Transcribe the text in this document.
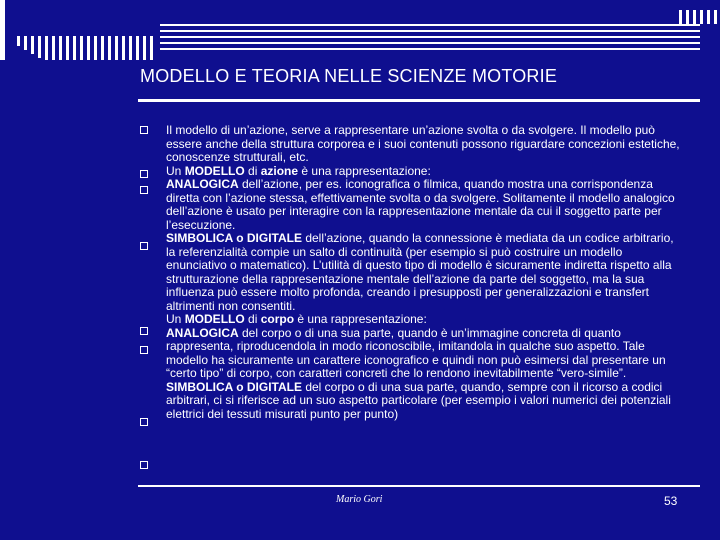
MODELLO E TEORIA NELLE SCIENZE MOTORIE

Il modello di un’azione, serve a rappresentare un’azione svolta o da svolgere. Il modello può essere anche della struttura corporea e i suoi contenuti possono riguardare concezioni estetiche, conoscenze strutturali, etc.

Un MODELLO di azione è una rappresentazione:

ANALOGICA dell’azione, per es. iconografica o filmica, quando mostra una corrispondenza diretta con l’azione stessa, effettivamente svolta o da svolgere. Solitamente il modello analogico dell’azione è usato per interagire con la rappresentazione mentale da cui il soggetto parte per l’esecuzione.

SIMBOLICA o DIGITALE dell’azione, quando la connessione è mediata da un codice arbitrario, la referenzialità compie un salto di continuità (per esempio si può costruire un modello enunciativo o matematico). L’utilità di questo tipo di modello è sicuramente indiretta rispetto alla strutturazione della rappresentazione mentale dell’azione da parte del soggetto, ma la sua influenza può essere molto profonda, creando i presupposti per generalizzazioni e transfert altrimenti non consentiti.

Un MODELLO di corpo è una rappresentazione:

ANALOGICA del corpo o di una sua parte, quando è un’immagine concreta di quanto rappresenta, riproducendola in modo riconoscibile, imitandola in qualche suo aspetto. Tale modello ha sicuramente un carattere iconografico e quindi non può esimersi dal presentare un “certo tipo” di corpo, con caratteri concreti che lo rendono inevitabilmente “vero-simile”.

SIMBOLICA o DIGITALE del corpo o di una sua parte, quando, sempre con il ricorso a codici arbitrari, ci si riferisce ad un suo aspetto particolare (per esempio i valori numerici dei potenziali elettrici dei tessuti misurati punto per punto)

Mario Gori	53
